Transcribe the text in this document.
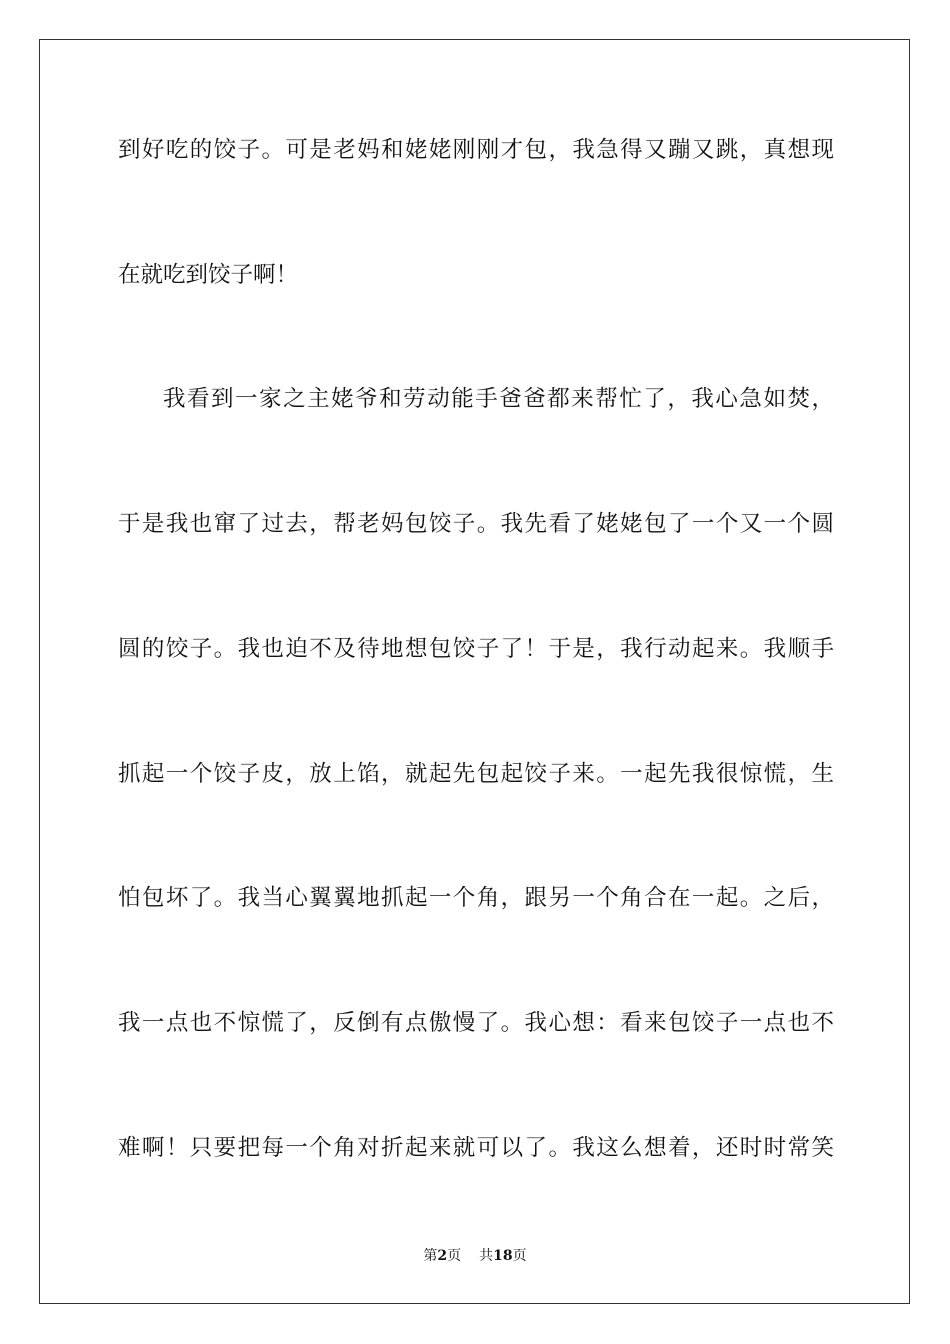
到好吃的饺子。可是老妈和姥姥刚刚才包，我急得又蹦又跳，真想现
在就吃到饺子啊！
我看到一家之主姥爷和劳动能手爸爸都来帮忙了，我心急如焚，
于是我也窜了过去，帮老妈包饺子。我先看了姥姥包了一个又一个圆
圆的饺子。我也迫不及待地想包饺子了！于是，我行动起来。我顺手
抓起一个饺子皮，放上馅，就起先包起饺子来。一起先我很惊慌，生
怕包坏了。我当心翼翼地抓起一个角，跟另一个角合在一起。之后，
我一点也不惊慌了，反倒有点傲慢了。我心想：看来包饺子一点也不
难啊！只要把每一个角对折起来就可以了。我这么想着，还时时常笑
第2页 共18页
